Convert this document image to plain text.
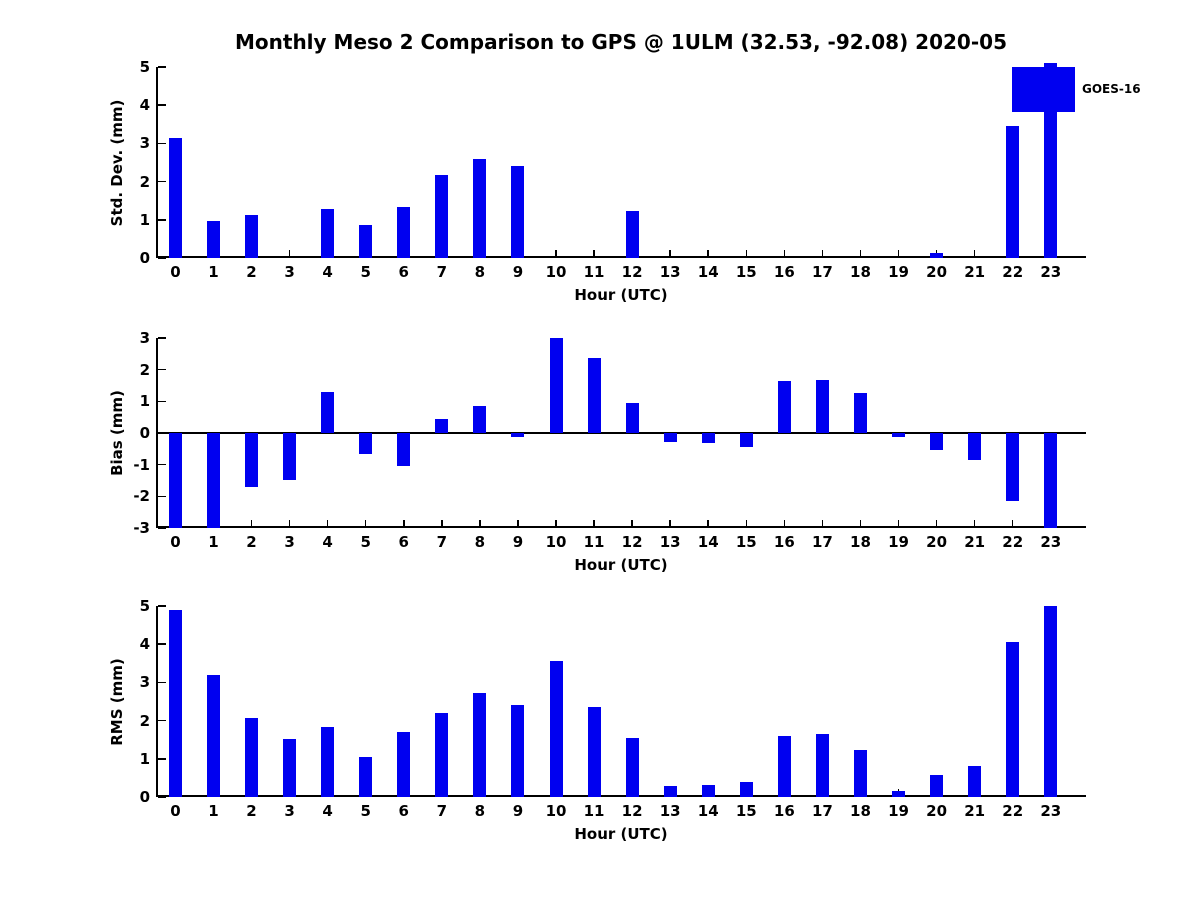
Monthly Meso 2 Comparison to GPS @ 1ULM (32.53, -92.08) 2020-05
Std. Dev. (mm)
Bias (mm)
RMS (mm)
0
1
2
3
4
5
0	1	2	3	4	5	6	7	8	9	10	11	12	13	14	15	16	17	18	19	20	21	22	23
Hour (UTC)
3
2
1
0
-1
-2
-3
0	1	2	3	4	5	6	7	8	9	10	11	12	13	14	15	16	17	18	19	20	21	22	23
Hour (UTC)
0
1
2
3
4
5
0	1	2	3	4	5	6	7	8	9	10	11	12	13	14	15	16	17	18	19	20	21	22	23
Hour (UTC)
GOES-16
